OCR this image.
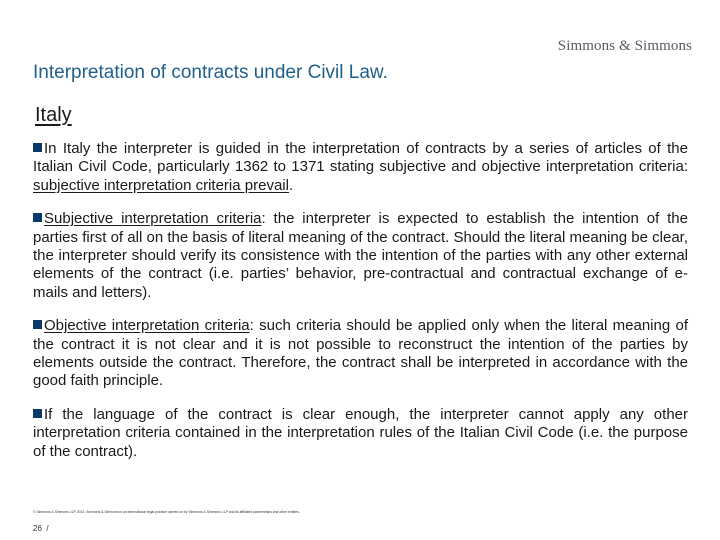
Simmons & Simmons
Interpretation of contracts under Civil Law.
Italy

In Italy the interpreter is guided in the interpretation of contracts by a series of articles of the Italian Civil Code, particularly 1362 to 1371 stating subjective and objective interpretation criteria: subjective interpretation criteria prevail.

Subjective interpretation criteria: the interpreter is expected to establish the intention of the parties first of all on the basis of literal meaning of the contract. Should the literal meaning be clear, the interpreter should verify its consistence with the intention of the parties with any other external elements of the contract (i.e. parties’ behavior, pre-contractual and contractual exchange of e-mails and letters).

Objective interpretation criteria: such criteria should be applied only when the literal meaning of the contract it is not clear and it is not possible to reconstruct the intention of the parties by elements outside the contract. Therefore, the contract shall be interpreted in accordance with the good faith principle.

If the language of the contract is clear enough, the interpreter cannot apply any other interpretation criteria contained in the interpretation rules of the Italian Civil Code (i.e. the purpose of the contract).

© Simmons & Simmons LLP 2013. Simmons & Simmons is an international legal practice carried on by Simmons & Simmons LLP and its affiliated partnerships and other entities.
26 /
